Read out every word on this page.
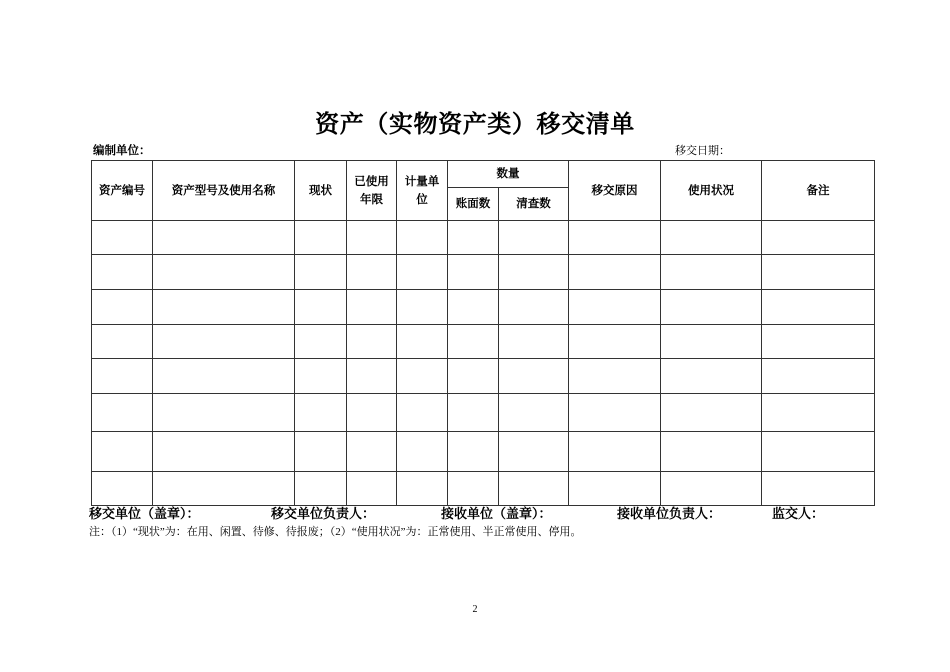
资产（实物资产类）移交清单
编制单位：	移交日期：
资产编号	资产型号及使用名称	现状	已使用年限	计量单位	数量		移交原因	使用状况	备注
					账面数	清查数			

移交单位（盖章）：	移交单位负责人：	接收单位（盖章）：	接收单位负责人：	监交人：
注：（1）“现状”为：在用、闲置、待修、待报废；（2）“使用状况”为：正常使用、半正常使用、停用。
2
